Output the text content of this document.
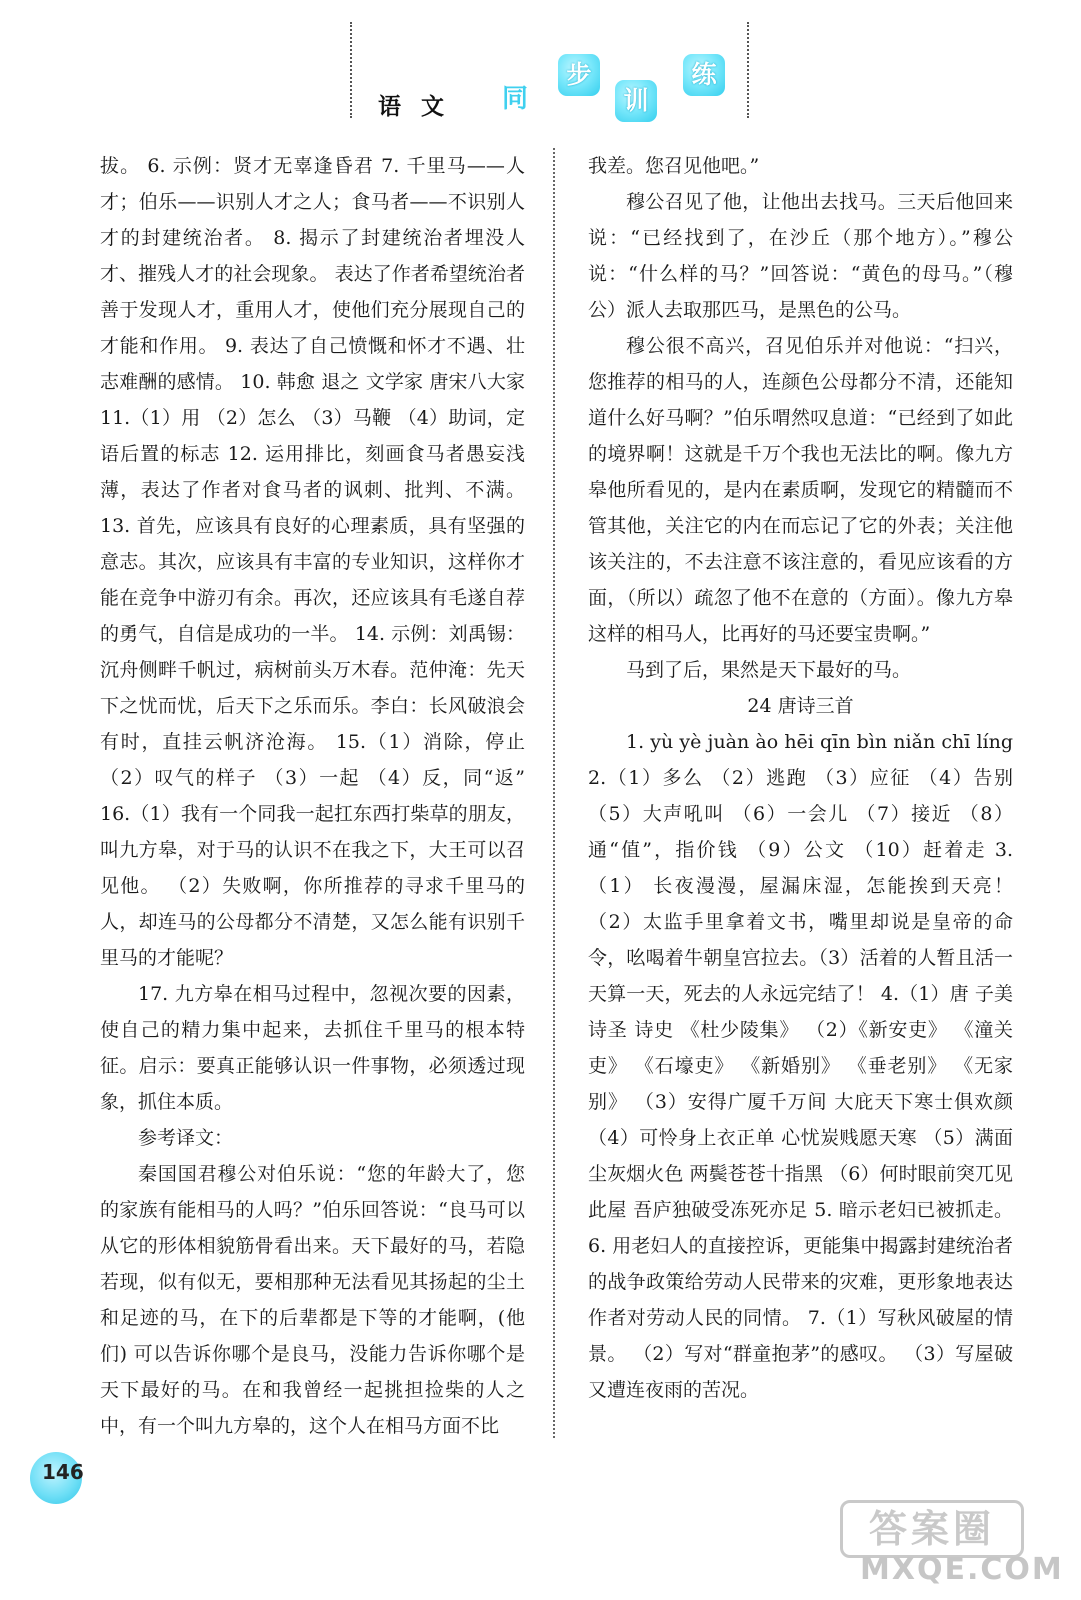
语 文	同
步
训
练

拔。 6. 示例：贤才无辜逢昏君 7. 千里马——人才；伯乐——识别人才之人；食马者——不识别人才的封建统治者。 8. 揭示了封建统治者埋没人才、摧残人才的社会现象。 表达了作者希望统治者善于发现人才，重用人才，使他们充分展现自己的才能和作用。 9. 表达了自己愤慨和怀才不遇、壮志难酬的感情。 10. 韩愈 退之 文学家 唐宋八大家 11.（1）用 （2）怎么 （3）马鞭 （4）助词，定语后置的标志 12. 运用排比，刻画食马者愚妄浅薄，表达了作者对食马者的讽刺、批判、不满。 13. 首先，应该具有良好的心理素质，具有坚强的意志。其次，应该具有丰富的专业知识，这样你才能在竞争中游刃有余。再次，还应该具有毛遂自荐的勇气，自信是成功的一半。 14. 示例：刘禹锡：沉舟侧畔千帆过，病树前头万木春。范仲淹：先天下之忧而忧，后天下之乐而乐。李白：长风破浪会有时，直挂云帆济沧海。 15.（1）消除，停止 （2）叹气的样子 （3）一起 （4）反，同“返” 16.（1）我有一个同我一起扛东西打柴草的朋友，叫九方皋，对于马的认识不在我之下，大王可以召见他。 （2）失败啊，你所推荐的寻求千里马的人，却连马的公母都分不清楚，又怎么能有识别千里马的才能呢？

17. 九方皋在相马过程中，忽视次要的因素，使自己的精力集中起来，去抓住千里马的根本特征。启示：要真正能够认识一件事物，必须透过现象，抓住本质。

参考译文：

秦国国君穆公对伯乐说：“您的年龄大了，您的家族有能相马的人吗？”伯乐回答说：“良马可以从它的形体相貌筋骨看出来。天下最好的马，若隐若现，似有似无，要相那种无法看见其扬起的尘土和足迹的马，在下的后辈都是下等的才能啊，(他们) 可以告诉你哪个是良马，没能力告诉你哪个是天下最好的马。在和我曾经一起挑担捡柴的人之中，有一个叫九方皋的，这个人在相马方面不比

我差。您召见他吧。”

穆公召见了他，让他出去找马。三天后他回来说：“已经找到了，在沙丘（那个地方）。”穆公说：“什么样的马？”回答说：“黄色的母马。”（穆公）派人去取那匹马，是黑色的公马。

穆公很不高兴，召见伯乐并对他说：“扫兴，您推荐的相马的人，连颜色公母都分不清，还能知道什么好马啊？”伯乐喟然叹息道：“已经到了如此的境界啊！这就是千万个我也无法比的啊。像九方皋他所看见的，是内在素质啊，发现它的精髓而不管其他，关注它的内在而忘记了它的外表；关注他该关注的，不去注意不该注意的，看见应该看的方面，（所以）疏忽了他不在意的（方面）。像九方皋这样的相马人，比再好的马还要宝贵啊。”

马到了后，果然是天下最好的马。

24 唐诗三首

1. yù yè juàn ào hēi qīn bìn niǎn chī líng 2.（1）多么 （2）逃跑 （3）应征 （4）告别 （5）大声吼叫 （6）一会儿 （7）接近 （8）通“值”，指价钱 （9）公文 （10）赶着走 3.（1） 长夜漫漫，屋漏床湿，怎能挨到天亮！ （2）太监手里拿着文书，嘴里却说是皇帝的命令，吆喝着牛朝皇宫拉去。（3）活着的人暂且活一天算一天，死去的人永远完结了！ 4.（1）唐 子美 诗圣 诗史 《杜少陵集》 （2）《新安吏》 《潼关吏》 《石壕吏》 《新婚别》 《垂老别》 《无家别》 （3）安得广厦千万间 大庇天下寒士俱欢颜 （4）可怜身上衣正单 心忧炭贱愿天寒 （5）满面尘灰烟火色 两鬓苍苍十指黑 （6）何时眼前突兀见此屋 吾庐独破受冻死亦足 5. 暗示老妇已被抓走。 6. 用老妇人的直接控诉，更能集中揭露封建统治者的战争政策给劳动人民带来的灾难，更形象地表达作者对劳动人民的同情。 7.（1）写秋风破屋的情景。 （2）写对“群童抱茅”的感叹。 （3）写屋破又遭连夜雨的苦况。

146
答案圈
MXQE.COM
